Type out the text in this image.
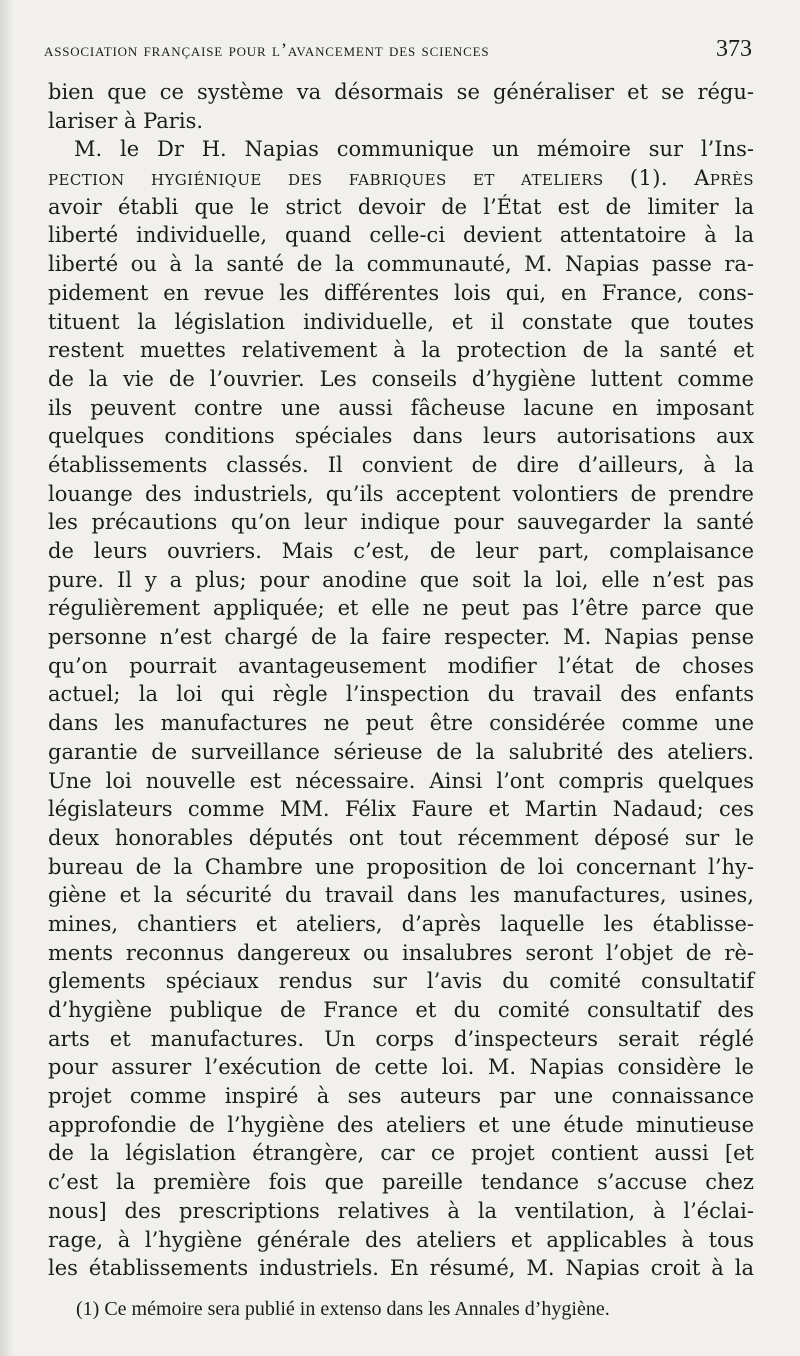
association française pour l’avancement des sciences	373
bien que ce système va désormais se généraliser et se régu-
lariser à Paris.
M. le Dr H. Napias communique un mémoire sur l’Ins-
pection hygiénique des fabriques et ateliers (1). Après
avoir établi que le strict devoir de l’État est de limiter la
liberté individuelle, quand celle-ci devient attentatoire à la
liberté ou à la santé de la communauté, M. Napias passe ra-
pidement en revue les différentes lois qui, en France, cons-
tituent la législation individuelle, et il constate que toutes
restent muettes relativement à la protection de la santé et
de la vie de l’ouvrier. Les conseils d’hygiène luttent comme
ils peuvent contre une aussi fâcheuse lacune en imposant
quelques conditions spéciales dans leurs autorisations aux
établissements classés. Il convient de dire d’ailleurs, à la
louange des industriels, qu’ils acceptent volontiers de prendre
les précautions qu’on leur indique pour sauvegarder la santé
de leurs ouvriers. Mais c’est, de leur part, complaisance
pure. Il y a plus; pour anodine que soit la loi, elle n’est pas
régulièrement appliquée; et elle ne peut pas l’être parce que
personne n’est chargé de la faire respecter. M. Napias pense
qu’on pourrait avantageusement modifier l’état de choses
actuel; la loi qui règle l’inspection du travail des enfants
dans les manufactures ne peut être considérée comme une
garantie de surveillance sérieuse de la salubrité des ateliers.
Une loi nouvelle est nécessaire. Ainsi l’ont compris quelques
législateurs comme MM. Félix Faure et Martin Nadaud; ces
deux honorables députés ont tout récemment déposé sur le
bureau de la Chambre une proposition de loi concernant l’hy-
giène et la sécurité du travail dans les manufactures, usines,
mines, chantiers et ateliers, d’après laquelle les établisse-
ments reconnus dangereux ou insalubres seront l’objet de rè-
glements spéciaux rendus sur l’avis du comité consultatif
d’hygiène publique de France et du comité consultatif des
arts et manufactures. Un corps d’inspecteurs serait réglé
pour assurer l’exécution de cette loi. M. Napias considère le
projet comme inspiré à ses auteurs par une connaissance
approfondie de l’hygiène des ateliers et une étude minutieuse
de la législation étrangère, car ce projet contient aussi [et
c’est la première fois que pareille tendance s’accuse chez
nous] des prescriptions relatives à la ventilation, à l’éclai-
rage, à l’hygiène générale des ateliers et applicables à tous
les établissements industriels. En résumé, M. Napias croit à la
(1) Ce mémoire sera publié in extenso dans les Annales d’hygiène.
